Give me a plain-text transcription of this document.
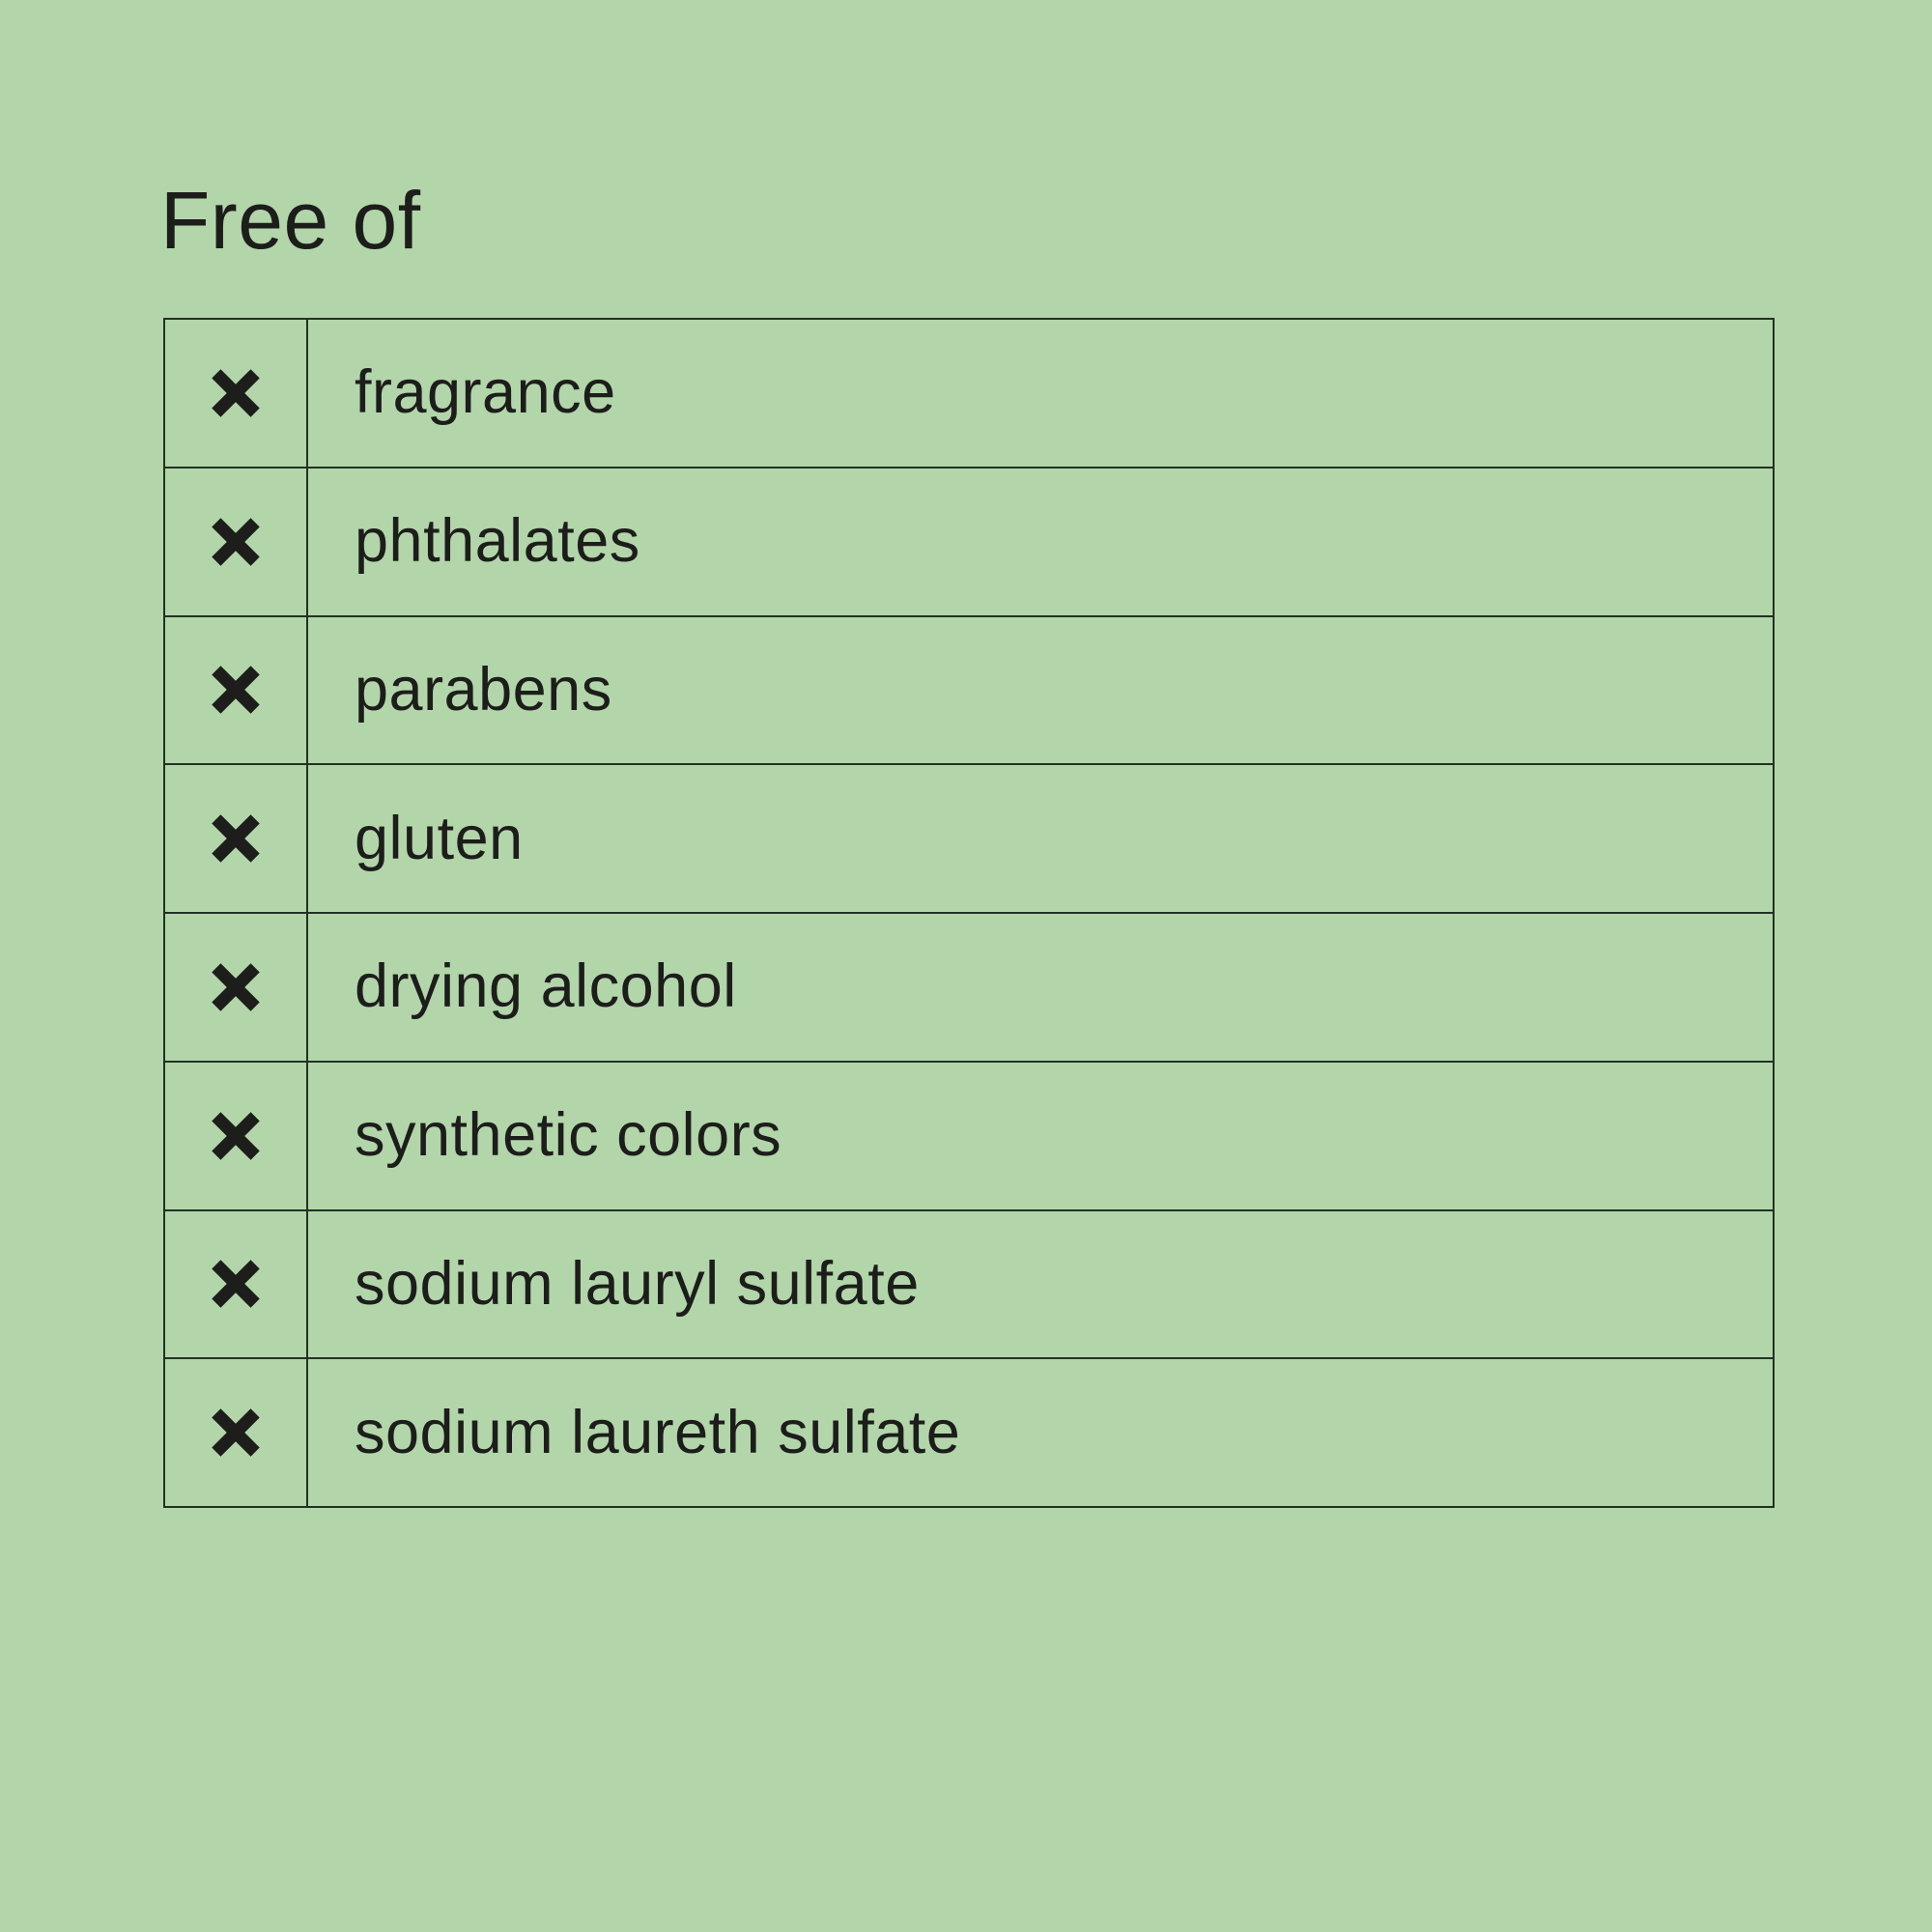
Free of
fragrance
phthalates
parabens
gluten
drying alcohol
synthetic colors
sodium lauryl sulfate
sodium laureth sulfate
